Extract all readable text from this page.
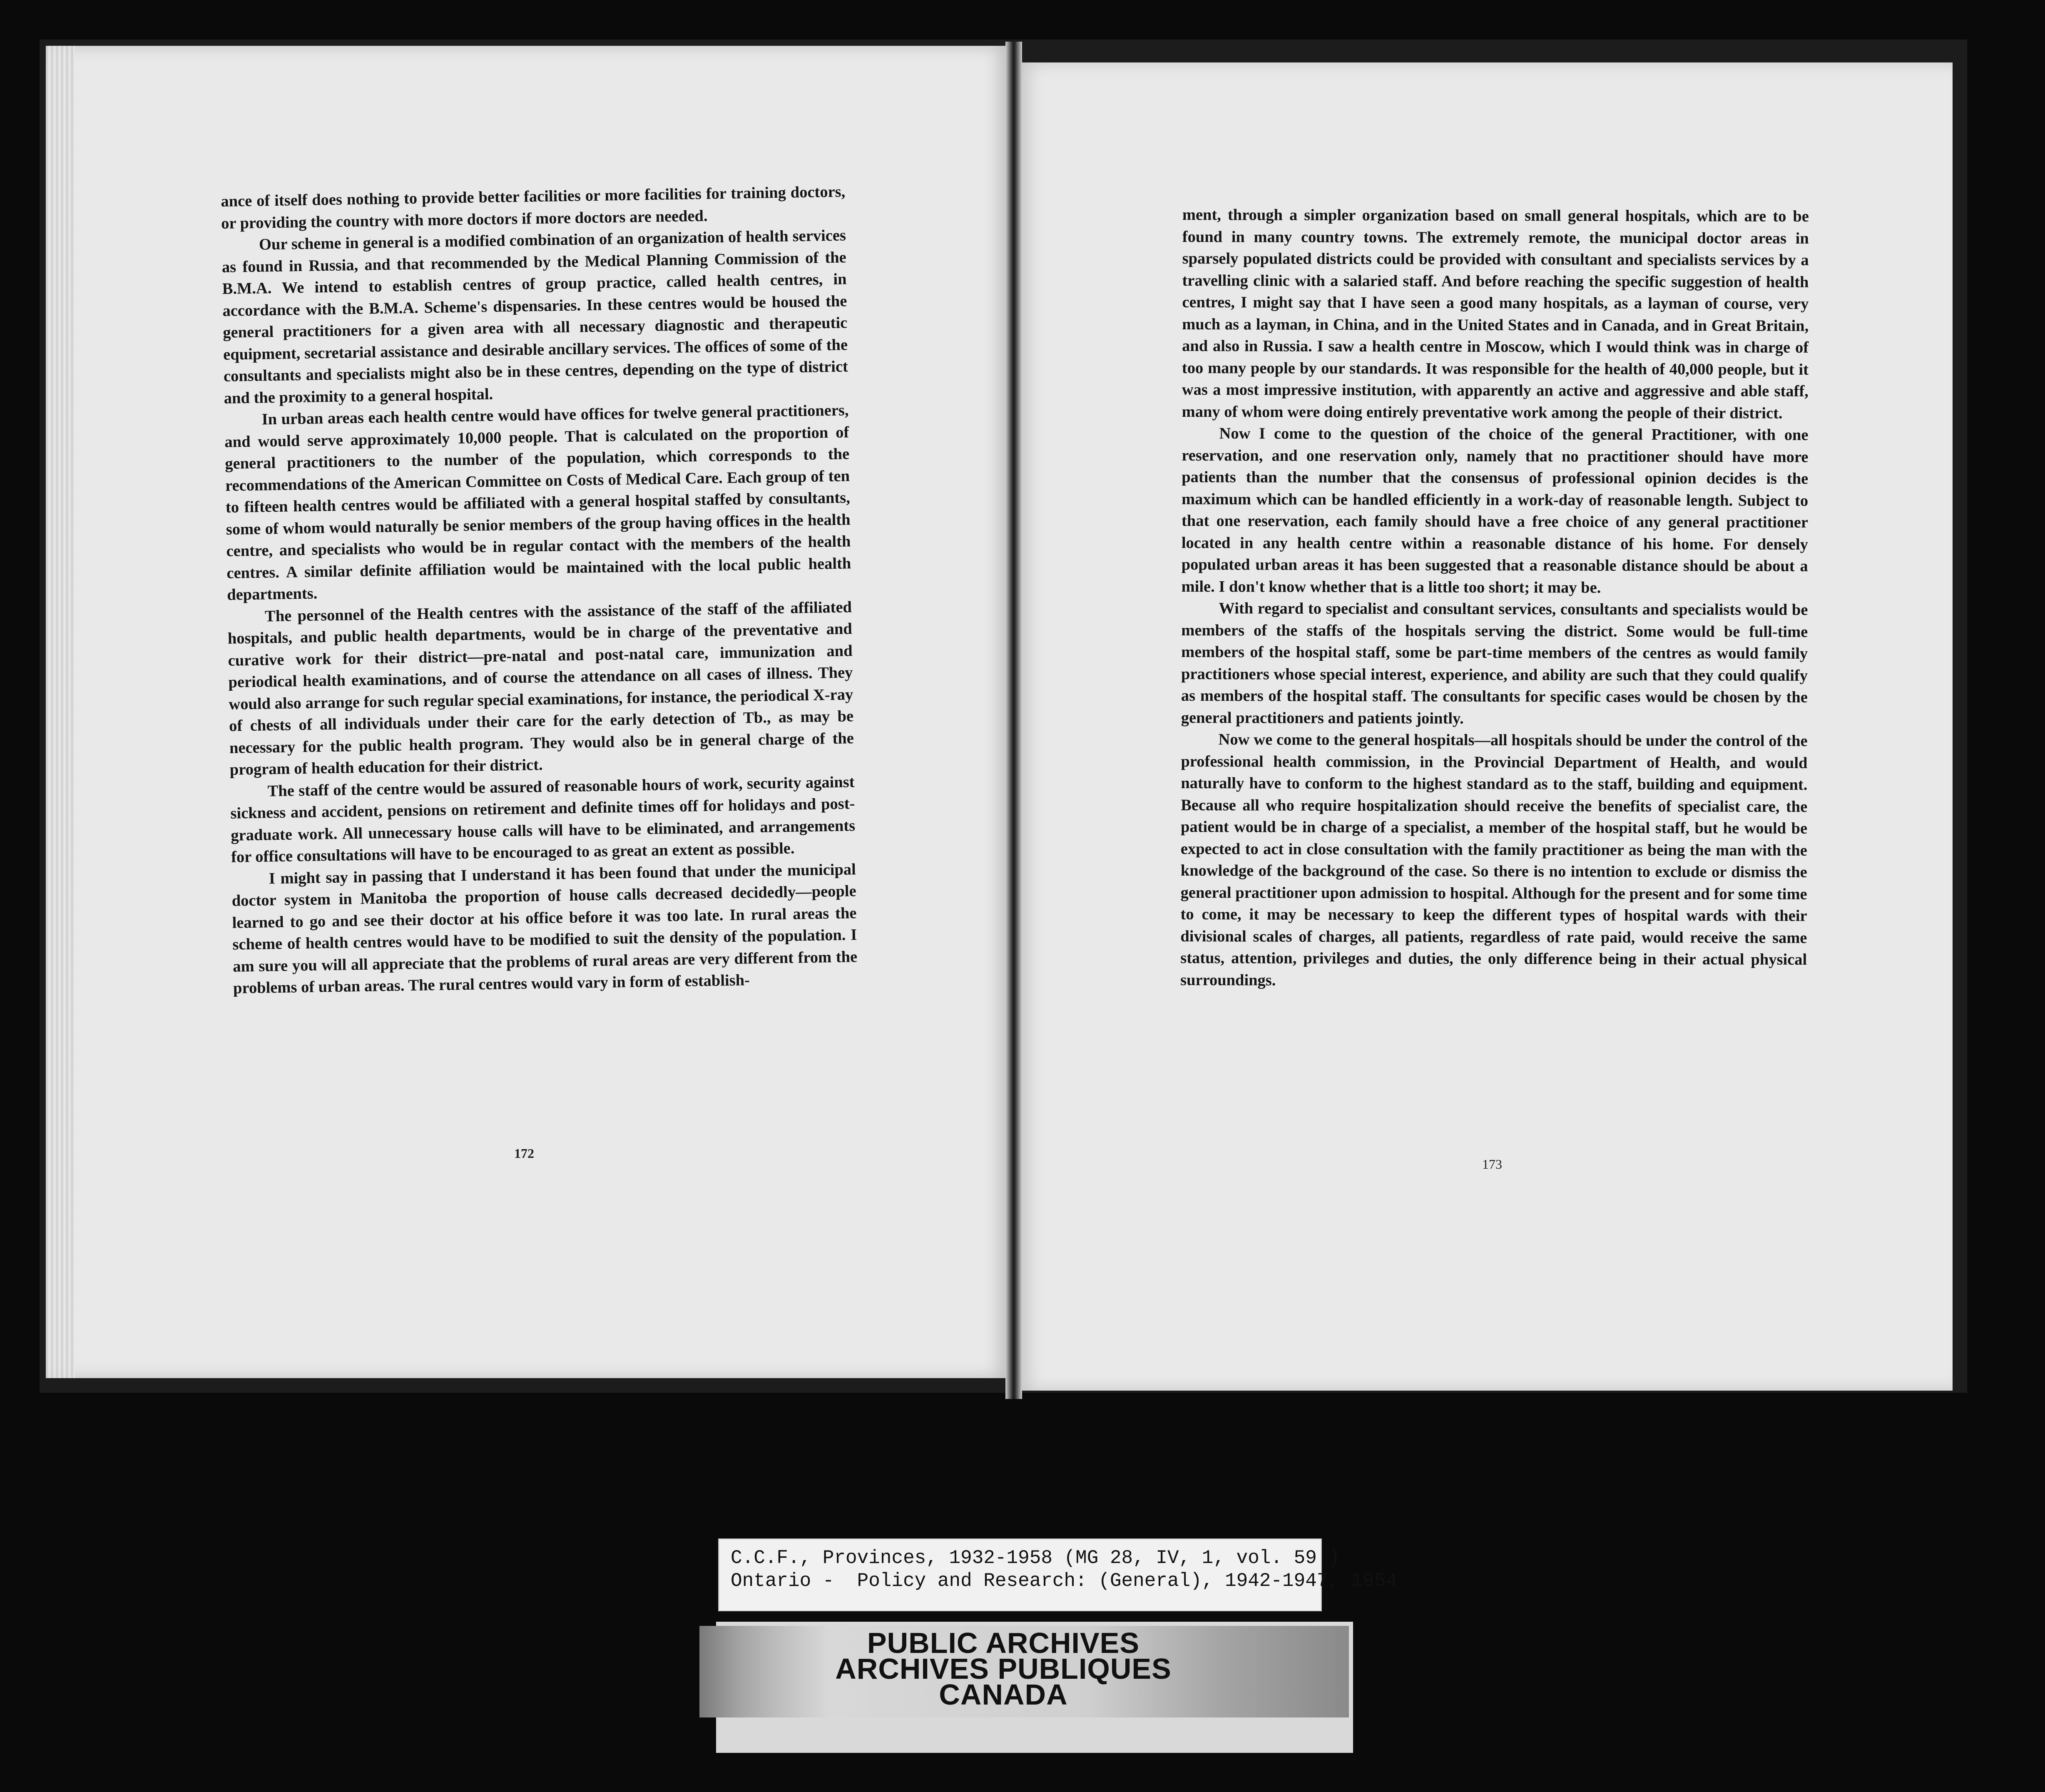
ance of itself does nothing to provide better facilities or more facilities for training doctors, or providing the country with more doctors if more doctors are needed.

Our scheme in general is a modified combination of an organization of health services as found in Russia, and that recommended by the Medical Planning Commission of the B.M.A. We intend to establish centres of group practice, called health centres, in accordance with the B.M.A. Scheme's dispensaries. In these centres would be housed the general practitioners for a given area with all necessary diagnostic and therapeutic equipment, secretarial assistance and desirable ancillary services. The offices of some of the consultants and specialists might also be in these centres, depending on the type of district and the proximity to a general hospital.

In urban areas each health centre would have offices for twelve general practitioners, and would serve approximately 10,000 people. That is calculated on the proportion of general practitioners to the number of the population, which corresponds to the recommendations of the American Committee on Costs of Medical Care. Each group of ten to fifteen health centres would be affiliated with a general hospital staffed by consultants, some of whom would naturally be senior members of the group having offices in the health centre, and specialists who would be in regular contact with the members of the health centres. A similar definite affiliation would be maintained with the local public health departments.

The personnel of the Health centres with the assistance of the staff of the affiliated hospitals, and public health departments, would be in charge of the preventative and curative work for their district—pre-natal and post-natal care, immunization and periodical health examinations, and of course the attendance on all cases of illness. They would also arrange for such regular special examinations, for instance, the periodical X-ray of chests of all individuals under their care for the early detection of Tb., as may be necessary for the public health program. They would also be in general charge of the program of health education for their district.

The staff of the centre would be assured of reasonable hours of work, security against sickness and accident, pensions on retirement and definite times off for holidays and post-graduate work. All unnecessary house calls will have to be eliminated, and arrangements for office consultations will have to be encouraged to as great an extent as possible.

I might say in passing that I understand it has been found that under the municipal doctor system in Manitoba the proportion of house calls decreased decidedly—people learned to go and see their doctor at his office before it was too late. In rural areas the scheme of health centres would have to be modified to suit the density of the population. I am sure you will all appreciate that the problems of rural areas are very different from the problems of urban areas. The rural centres would vary in form of establish-

172

ment, through a simpler organization based on small general hospitals, which are to be found in many country towns. The extremely remote, the municipal doctor areas in sparsely populated districts could be provided with consultant and specialists services by a travelling clinic with a salaried staff. And before reaching the specific suggestion of health centres, I might say that I have seen a good many hospitals, as a layman of course, very much as a layman, in China, and in the United States and in Canada, and in Great Britain, and also in Russia. I saw a health centre in Moscow, which I would think was in charge of too many people by our standards. It was responsible for the health of 40,000 people, but it was a most impressive institution, with apparently an active and aggressive and able staff, many of whom were doing entirely preventative work among the people of their district.

Now I come to the question of the choice of the general Practitioner, with one reservation, and one reservation only, namely that no practitioner should have more patients than the number that the consensus of professional opinion decides is the maximum which can be handled efficiently in a work-day of reasonable length. Subject to that one reservation, each family should have a free choice of any general practitioner located in any health centre within a reasonable distance of his home. For densely populated urban areas it has been suggested that a reasonable distance should be about a mile. I don't know whether that is a little too short; it may be.

With regard to specialist and consultant services, consultants and specialists would be members of the staffs of the hospitals serving the district. Some would be full-time members of the hospital staff, some be part-time members of the centres as would family practitioners whose special interest, experience, and ability are such that they could qualify as members of the hospital staff. The consultants for specific cases would be chosen by the general practitioners and patients jointly.

Now we come to the general hospitals—all hospitals should be under the control of the professional health commission, in the Provincial Department of Health, and would naturally have to conform to the highest standard as to the staff, building and equipment. Because all who require hospitalization should receive the benefits of specialist care, the patient would be in charge of a specialist, a member of the hospital staff, but he would be expected to act in close consultation with the family practitioner as being the man with the knowledge of the background of the case. So there is no intention to exclude or dismiss the general practitioner upon admission to hospital. Although for the present and for some time to come, it may be necessary to keep the different types of hospital wards with their divisional scales of charges, all patients, regardless of rate paid, would receive the same status, attention, privileges and duties, the only difference being in their actual physical surroundings.

173
C.C.F., Provinces, 1932-1958 (MG 28, IV, 1, vol. 59 )
Ontario -  Policy and Research: (General), 1942-1947, 1954
PUBLIC ARCHIVES
ARCHIVES PUBLIQUES
CANADA
